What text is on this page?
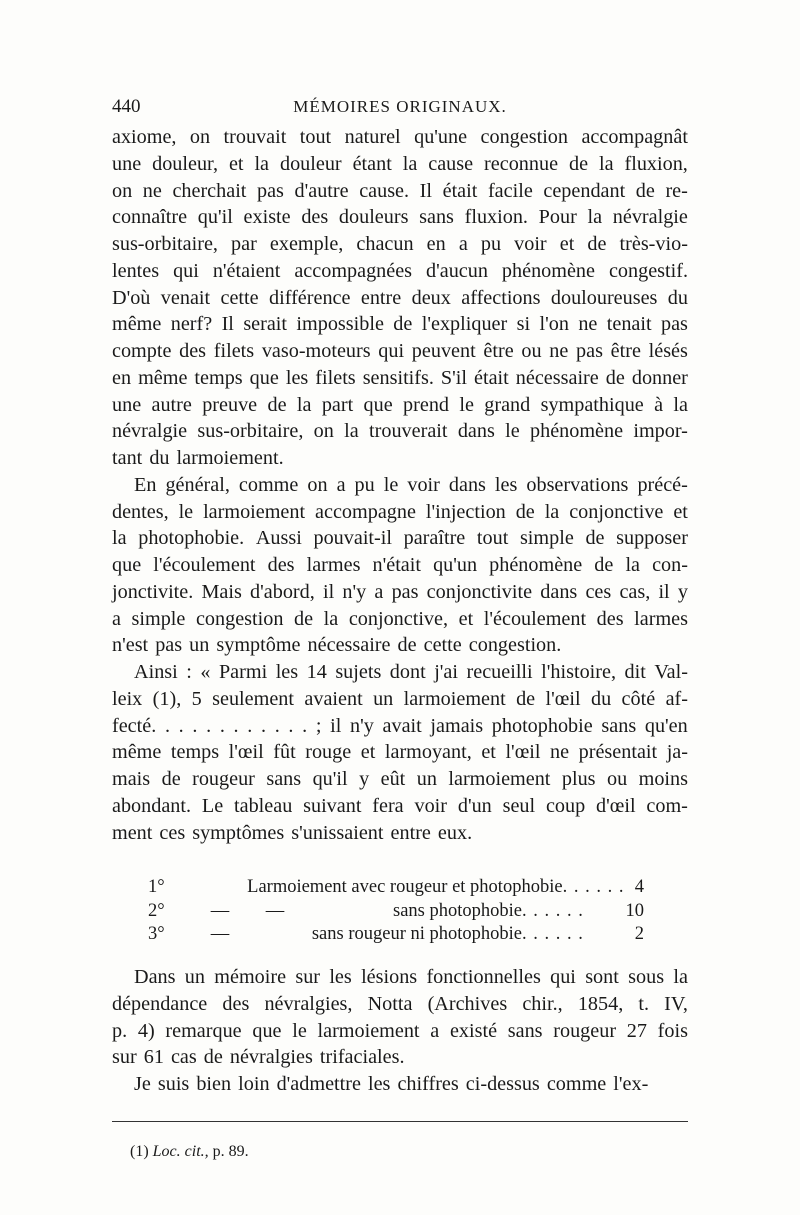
440	MÉMOIRES ORIGINAUX.
axiome, on trouvait tout naturel qu'une congestion accompagnât
une douleur, et la douleur étant la cause reconnue de la fluxion,
on ne cherchait pas d'autre cause. Il était facile cependant de re-
connaître qu'il existe des douleurs sans fluxion. Pour la névralgie
sus-orbitaire, par exemple, chacun en a pu voir et de très-vio-
lentes qui n'étaient accompagnées d'aucun phénomène congestif.
D'où venait cette différence entre deux affections douloureuses du
même nerf? Il serait impossible de l'expliquer si l'on ne tenait pas
compte des filets vaso-moteurs qui peuvent être ou ne pas être lésés
en même temps que les filets sensitifs. S'il était nécessaire de donner
une autre preuve de la part que prend le grand sympathique à la
névralgie sus-orbitaire, on la trouverait dans le phénomène impor-
tant du larmoiement.
En général, comme on a pu le voir dans les observations précé-
dentes, le larmoiement accompagne l'injection de la conjonctive et
la photophobie. Aussi pouvait-il paraître tout simple de supposer
que l'écoulement des larmes n'était qu'un phénomène de la con-
jonctivite. Mais d'abord, il n'y a pas conjonctivite dans ces cas, il y
a simple congestion de la conjonctive, et l'écoulement des larmes
n'est pas un symptôme nécessaire de cette congestion.
Ainsi : « Parmi les 14 sujets dont j'ai recueilli l'histoire, dit Val-
leix (1), 5 seulement avaient un larmoiement de l'œil du côté af-
fecté. . . . . . . . . . . . ; il n'y avait jamais photophobie sans qu'en
même temps l'œil fût rouge et larmoyant, et l'œil ne présentait ja-
mais de rougeur sans qu'il y eût un larmoiement plus ou moins
abondant. Le tableau suivant fera voir d'un seul coup d'œil com-
ment ces symptômes s'unissaient entre eux.
1°	Larmoiement avec rougeur et photophobie . . . . . . 4
2°	—	—	sans photophobie . . . . . .	10
3°	—	sans rougeur ni photophobie . . . . . .	2
Dans un mémoire sur les lésions fonctionnelles qui sont sous la
dépendance des névralgies, Notta (Archives chir., 1854, t. IV,
p. 4) remarque que le larmoiement a existé sans rougeur 27 fois
sur 61 cas de névralgies trifaciales.
Je suis bien loin d'admettre les chiffres ci-dessus comme l'ex-
(1) Loc. cit., p. 89.
